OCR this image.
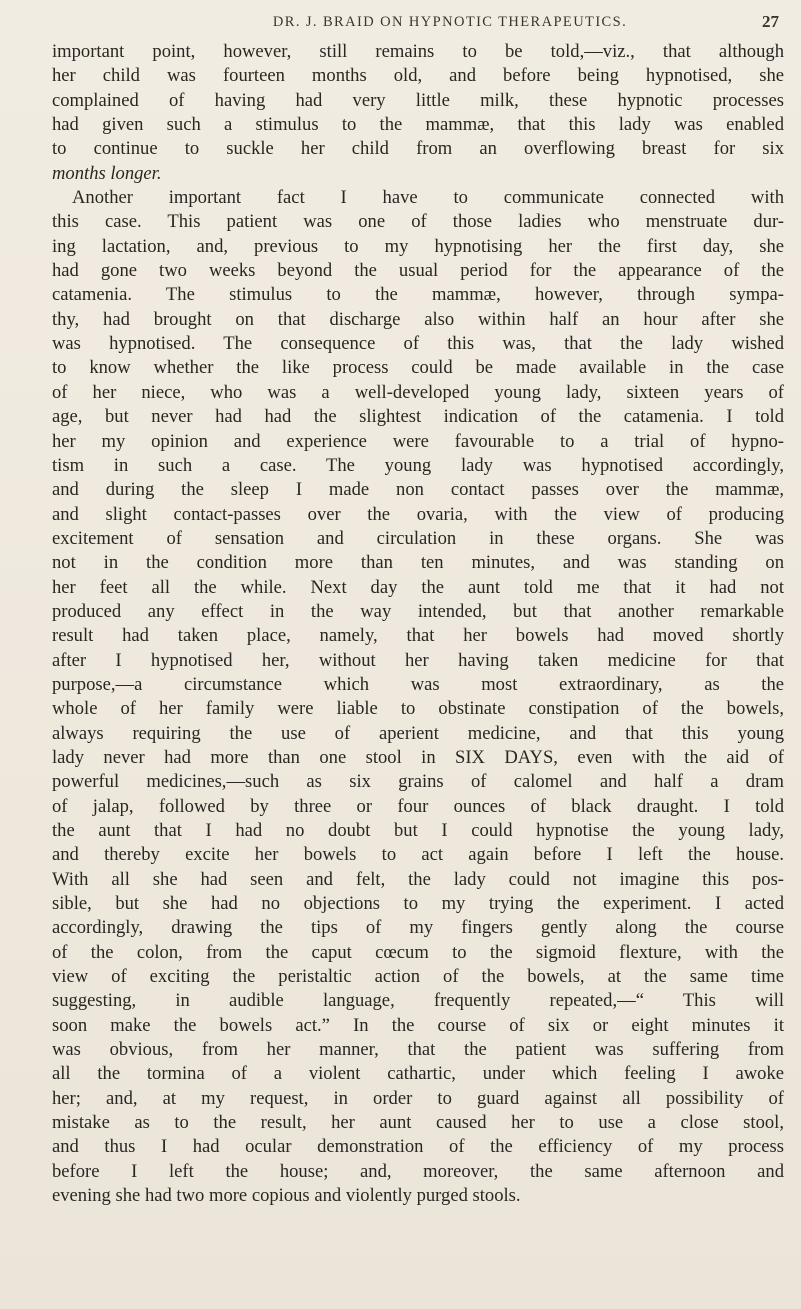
DR. J. BRAID ON HYPNOTIC THERAPEUTICS.	27
important point, however, still remains to be told,—viz., that although
her child was fourteen months old, and before being hypnotised, she
complained of having had very little milk, these hypnotic processes
had given such a stimulus to the mammæ, that this lady was enabled
to continue to suckle her child from an overflowing breast for six
months longer.
Another important fact I have to communicate connected with
this case. This patient was one of those ladies who menstruate dur-
ing lactation, and, previous to my hypnotising her the first day, she
had gone two weeks beyond the usual period for the appearance of the
catamenia. The stimulus to the mammæ, however, through sympa-
thy, had brought on that discharge also within half an hour after she
was hypnotised. The consequence of this was, that the lady wished
to know whether the like process could be made available in the case
of her niece, who was a well-developed young lady, sixteen years of
age, but never had had the slightest indication of the catamenia. I told
her my opinion and experience were favourable to a trial of hypno-
tism in such a case. The young lady was hypnotised accordingly,
and during the sleep I made non contact passes over the mammæ,
and slight contact-passes over the ovaria, with the view of producing
excitement of sensation and circulation in these organs. She was
not in the condition more than ten minutes, and was standing on
her feet all the while. Next day the aunt told me that it had not
produced any effect in the way intended, but that another remarkable
result had taken place, namely, that her bowels had moved shortly
after I hypnotised her, without her having taken medicine for that
purpose,—a circumstance which was most extraordinary, as the
whole of her family were liable to obstinate constipation of the bowels,
always requiring the use of aperient medicine, and that this young
lady never had more than one stool in SIX DAYS, even with the aid of
powerful medicines,—such as six grains of calomel and half a dram
of jalap, followed by three or four ounces of black draught. I told
the aunt that I had no doubt but I could hypnotise the young lady,
and thereby excite her bowels to act again before I left the house.
With all she had seen and felt, the lady could not imagine this pos-
sible, but she had no objections to my trying the experiment. I acted
accordingly, drawing the tips of my fingers gently along the course
of the colon, from the caput cœcum to the sigmoid flexture, with the
view of exciting the peristaltic action of the bowels, at the same time
suggesting, in audible language, frequently repeated,—“ This will
soon make the bowels act.” In the course of six or eight minutes it
was obvious, from her manner, that the patient was suffering from
all the tormina of a violent cathartic, under which feeling I awoke
her; and, at my request, in order to guard against all possibility of
mistake as to the result, her aunt caused her to use a close stool,
and thus I had ocular demonstration of the efficiency of my process
before I left the house; and, moreover, the same afternoon and
evening she had two more copious and violently purged stools.
